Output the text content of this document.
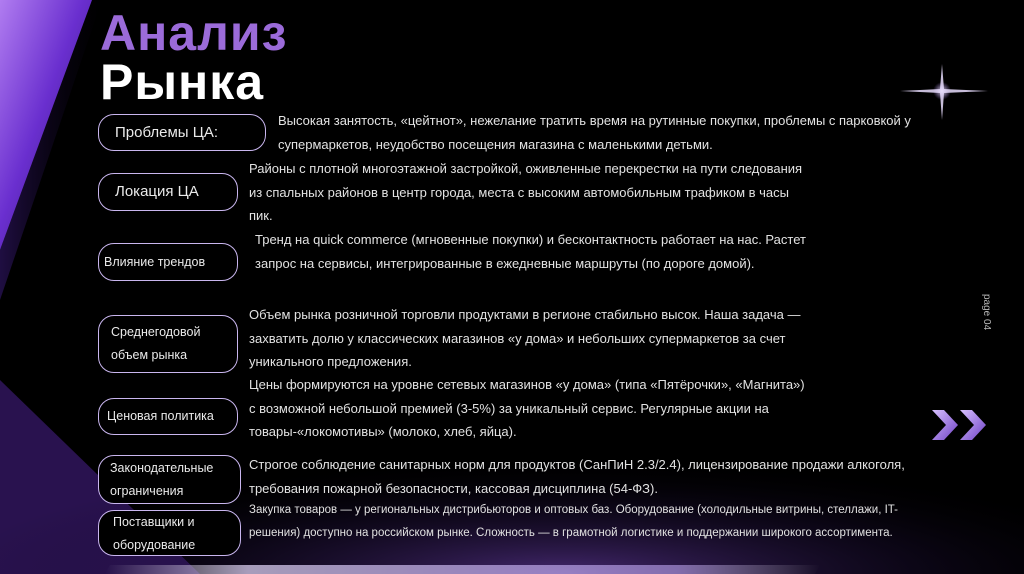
Анализ
Рынка
Проблемы ЦА:
Высокая занятость, «цейтнот», нежелание тратить время на рутинные покупки, проблемы с парковкой у
супермаркетов, неудобство посещения магазина с маленькими детьми.
Локация ЦА
Районы с плотной многоэтажной застройкой, оживленные перекрестки на пути следования
из спальных районов в центр города, места с высоким автомобильным трафиком в часы
пик.
Влияние трендов
Тренд на quick commerce (мгновенные покупки) и бесконтактность работает на нас. Растет
запрос на сервисы, интегрированные в ежедневные маршруты (по дороге домой).
Среднегодовой
объем рынка
Объем рынка розничной торговли продуктами в регионе стабильно высок. Наша задача —
захватить долю у классических магазинов «у дома» и небольших супермаркетов за счет
уникального предложения.
Ценовая политика
Цены формируются на уровне сетевых магазинов «у дома» (типа «Пятёрочки», «Магнита»)
с возможной небольшой премией (3-5%) за уникальный сервис. Регулярные акции на
товары-«локомотивы» (молоко, хлеб, яйца).
Законодательные
ограничения
Строгое соблюдение санитарных норм для продуктов (СанПиН 2.3/2.4), лицензирование продажи алкоголя,
требования пожарной безопасности, кассовая дисциплина (54-ФЗ).
Поставщики и
оборудование
Закупка товаров — у региональных дистрибьюторов и оптовых баз. Оборудование (холодильные витрины, стеллажи, IT-
решения) доступно на российском рынке. Сложность — в грамотной логистике и поддержании широкого ассортимента.
page 04
